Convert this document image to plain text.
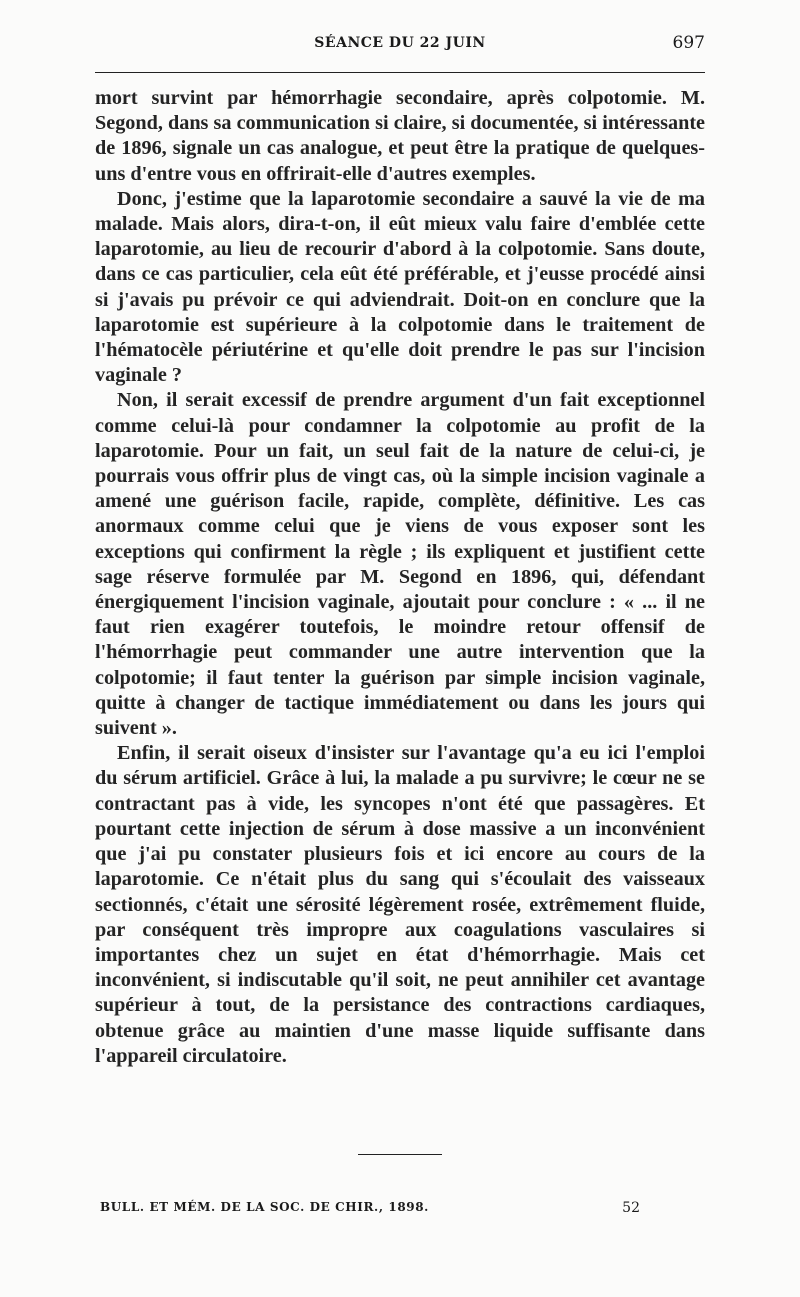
SÉANCE DU 22 JUIN	697

mort survint par hémorrhagie secondaire, après colpotomie. M. Segond, dans sa communication si claire, si documentée, si intéressante de 1896, signale un cas analogue, et peut être la pratique de quelques-uns d'entre vous en offrirait-elle d'autres exemples.

Donc, j'estime que la laparotomie secondaire a sauvé la vie de ma malade. Mais alors, dira-t-on, il eût mieux valu faire d'emblée cette laparotomie, au lieu de recourir d'abord à la colpotomie. Sans doute, dans ce cas particulier, cela eût été préférable, et j'eusse procédé ainsi si j'avais pu prévoir ce qui adviendrait. Doit-on en conclure que la laparotomie est supérieure à la colpotomie dans le traitement de l'hématocèle périutérine et qu'elle doit prendre le pas sur l'incision vaginale ?

Non, il serait excessif de prendre argument d'un fait exceptionnel comme celui-là pour condamner la colpotomie au profit de la laparotomie. Pour un fait, un seul fait de la nature de celui-ci, je pourrais vous offrir plus de vingt cas, où la simple incision vaginale a amené une guérison facile, rapide, complète, définitive. Les cas anormaux comme celui que je viens de vous exposer sont les exceptions qui confirment la règle ; ils expliquent et justifient cette sage réserve formulée par M. Segond en 1896, qui, défendant énergiquement l'incision vaginale, ajoutait pour conclure : « ... il ne faut rien exagérer toutefois, le moindre retour offensif de l'hémorrhagie peut commander une autre intervention que la colpotomie; il faut tenter la guérison par simple incision vaginale, quitte à changer de tactique immédiatement ou dans les jours qui suivent ».

Enfin, il serait oiseux d'insister sur l'avantage qu'a eu ici l'emploi du sérum artificiel. Grâce à lui, la malade a pu survivre; le cœur ne se contractant pas à vide, les syncopes n'ont été que passagères. Et pourtant cette injection de sérum à dose massive a un inconvénient que j'ai pu constater plusieurs fois et ici encore au cours de la laparotomie. Ce n'était plus du sang qui s'écoulait des vaisseaux sectionnés, c'était une sérosité légèrement rosée, extrêmement fluide, par conséquent très impropre aux coagulations vasculaires si importantes chez un sujet en état d'hémorrhagie. Mais cet inconvénient, si indiscutable qu'il soit, ne peut annihiler cet avantage supérieur à tout, de la persistance des contractions cardiaques, obtenue grâce au maintien d'une masse liquide suffisante dans l'appareil circulatoire.

BULL. ET MÉM. DE LA SOC. DE CHIR., 1898.	52
